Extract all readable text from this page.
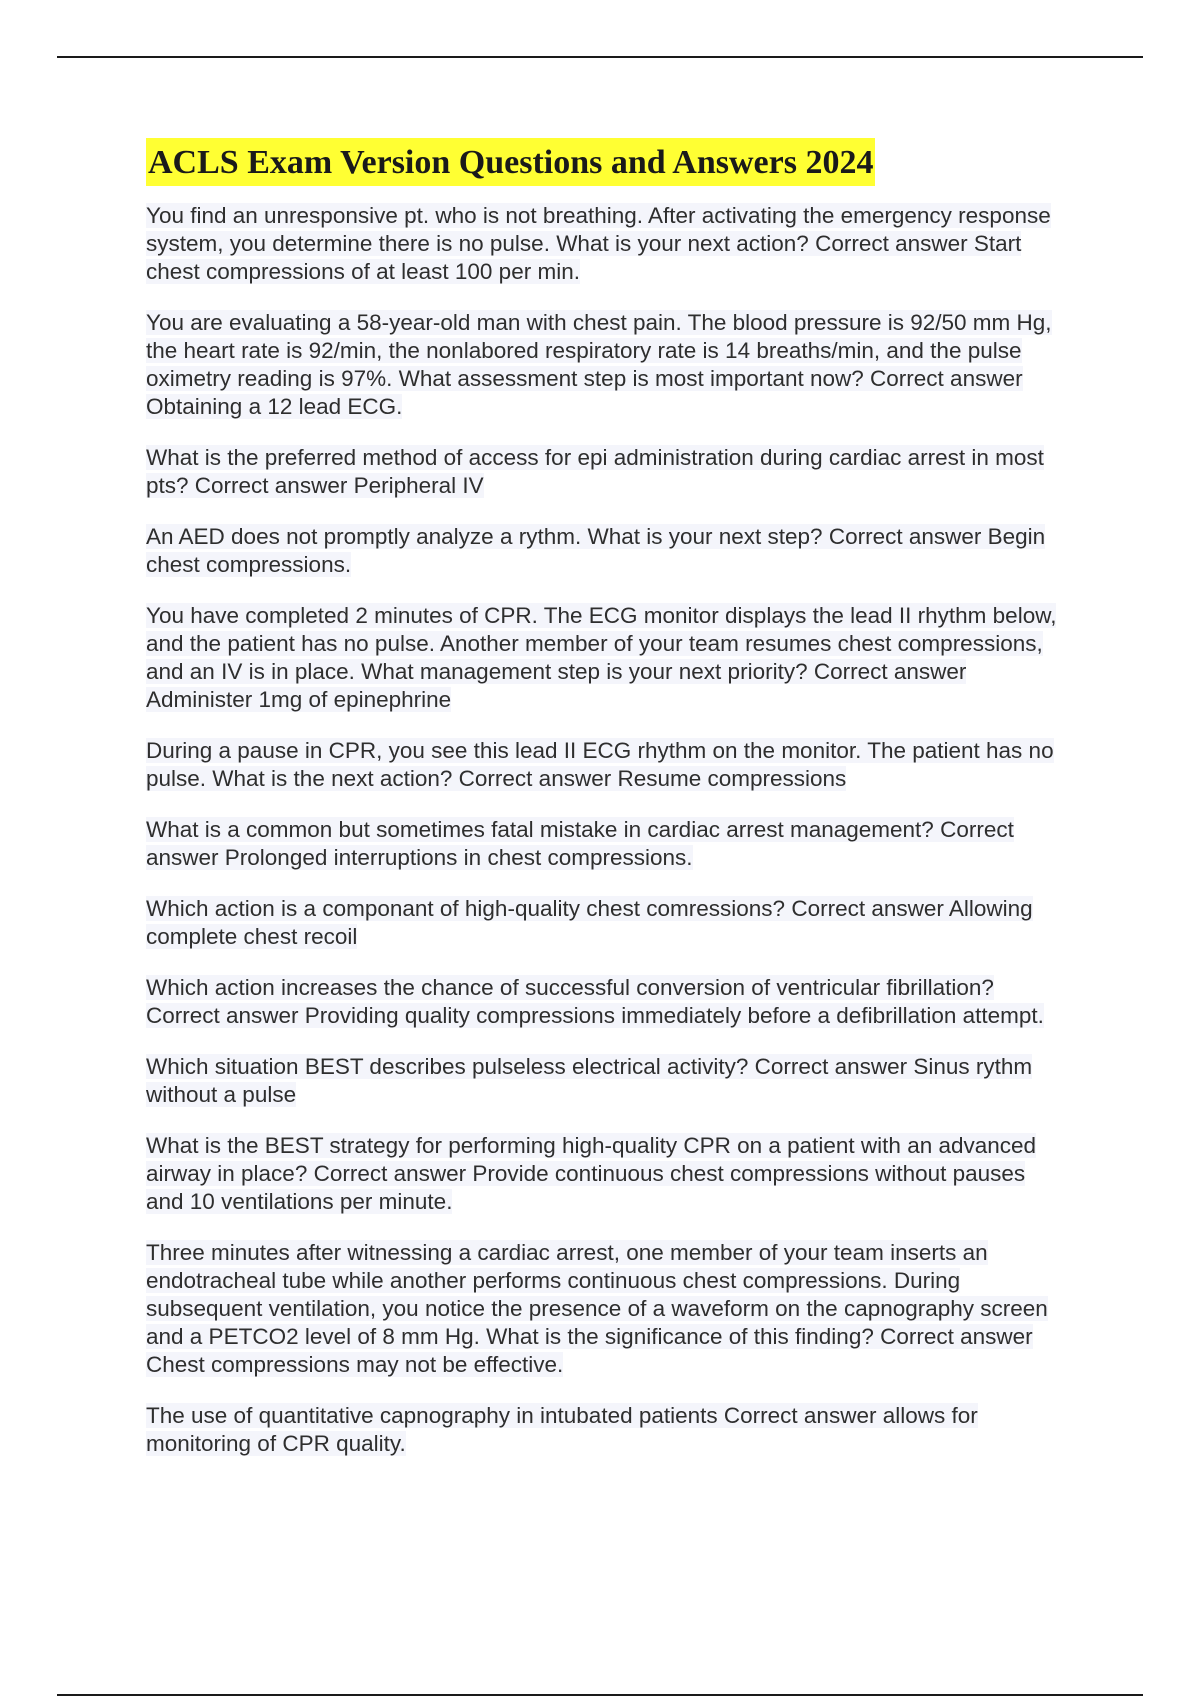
ACLS Exam Version Questions and Answers 2024
You find an unresponsive pt. who is not breathing. After activating the emergency response system, you determine there is no pulse. What is your next action? Correct answer Start chest compressions of at least 100 per min.
You are evaluating a 58-year-old man with chest pain. The blood pressure is 92/50 mm Hg, the heart rate is 92/min, the nonlabored respiratory rate is 14 breaths/min, and the pulse oximetry reading is 97%. What assessment step is most important now? Correct answer Obtaining a 12 lead ECG.
What is the preferred method of access for epi administration during cardiac arrest in most pts? Correct answer Peripheral IV
An AED does not promptly analyze a rythm. What is your next step? Correct answer Begin chest compressions.
You have completed 2 minutes of CPR. The ECG monitor displays the lead II rhythm below, and the patient has no pulse. Another member of your team resumes chest compressions, and an IV is in place. What management step is your next priority? Correct answer Administer 1mg of epinephrine
During a pause in CPR, you see this lead II ECG rhythm on the monitor. The patient has no pulse. What is the next action? Correct answer Resume compressions
What is a common but sometimes fatal mistake in cardiac arrest management? Correct answer Prolonged interruptions in chest compressions.
Which action is a componant of high-quality chest comressions? Correct answer Allowing complete chest recoil
Which action increases the chance of successful conversion of ventricular fibrillation? Correct answer Providing quality compressions immediately before a defibrillation attempt.
Which situation BEST describes pulseless electrical activity? Correct answer Sinus rythm without a pulse
What is the BEST strategy for performing high-quality CPR on a patient with an advanced airway in place? Correct answer Provide continuous chest compressions without pauses and 10 ventilations per minute.
Three minutes after witnessing a cardiac arrest, one member of your team inserts an endotracheal tube while another performs continuous chest compressions. During subsequent ventilation, you notice the presence of a waveform on the capnography screen and a PETCO2 level of 8 mm Hg. What is the significance of this finding? Correct answer Chest compressions may not be effective.
The use of quantitative capnography in intubated patients Correct answer allows for monitoring of CPR quality.
